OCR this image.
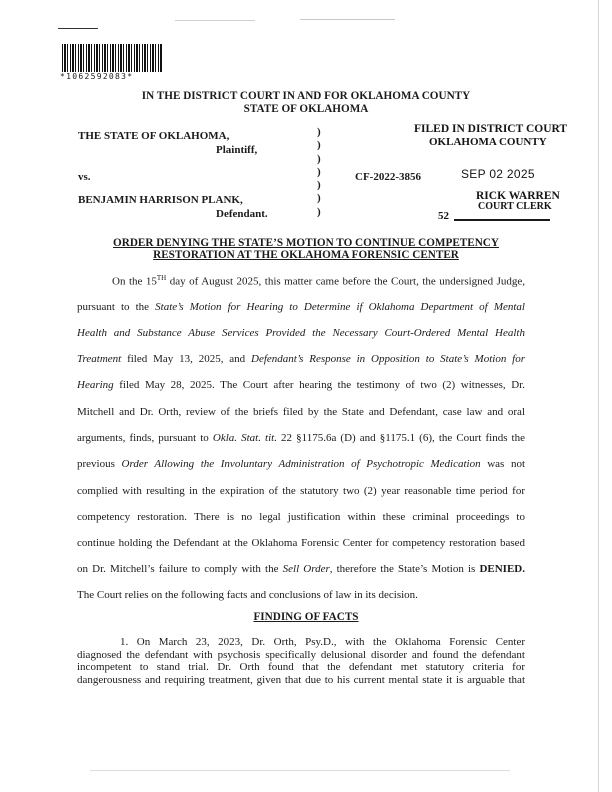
*1062592083*
IN THE DISTRICT COURT IN AND FOR OKLAHOMA COUNTY
STATE OF OKLAHOMA
THE STATE OF OKLAHOMA,
Plaintiff,
vs.
BENJAMIN HARRISON PLANK,
Defendant.
)
)
)
)
)
)
)
CF-2022-3856
FILED IN DISTRICT COURT
OKLAHOMA COUNTY
SEP 02 2025
RICK WARREN
COURT CLERK
52
ORDER DENYING THE STATE’S MOTION TO CONTINUE COMPETENCY
RESTORATION AT THE OKLAHOMA FORENSIC CENTER
On the 15TH day of August 2025, this matter came before the Court, the undersigned Judge,
pursuant to the State’s Motion for Hearing to Determine if Oklahoma Department of Mental
Health and Substance Abuse Services Provided the Necessary Court-Ordered Mental Health
Treatment filed May 13, 2025, and Defendant’s Response in Opposition to State’s Motion for
Hearing filed May 28, 2025. The Court after hearing the testimony of two (2) witnesses, Dr.
Mitchell and Dr. Orth, review of the briefs filed by the State and Defendant, case law and oral
arguments, finds, pursuant to Okla. Stat. tit. 22 §1175.6a (D) and §1175.1 (6), the Court finds the
previous Order Allowing the Involuntary Administration of Psychotropic Medication was not
complied with resulting in the expiration of the statutory two (2) year reasonable time period for
competency restoration. There is no legal justification within these criminal proceedings to
continue holding the Defendant at the Oklahoma Forensic Center for competency restoration based
on Dr. Mitchell’s failure to comply with the Sell Order, therefore the State’s Motion is DENIED.
The Court relies on the following facts and conclusions of law in its decision.
FINDING OF FACTS
1. On March 23, 2023, Dr. Orth, Psy.D., with the Oklahoma Forensic Center
diagnosed the defendant with psychosis specifically delusional disorder and found the defendant
incompetent to stand trial. Dr. Orth found that the defendant met statutory criteria for
dangerousness and requiring treatment, given that due to his current mental state it is arguable that
